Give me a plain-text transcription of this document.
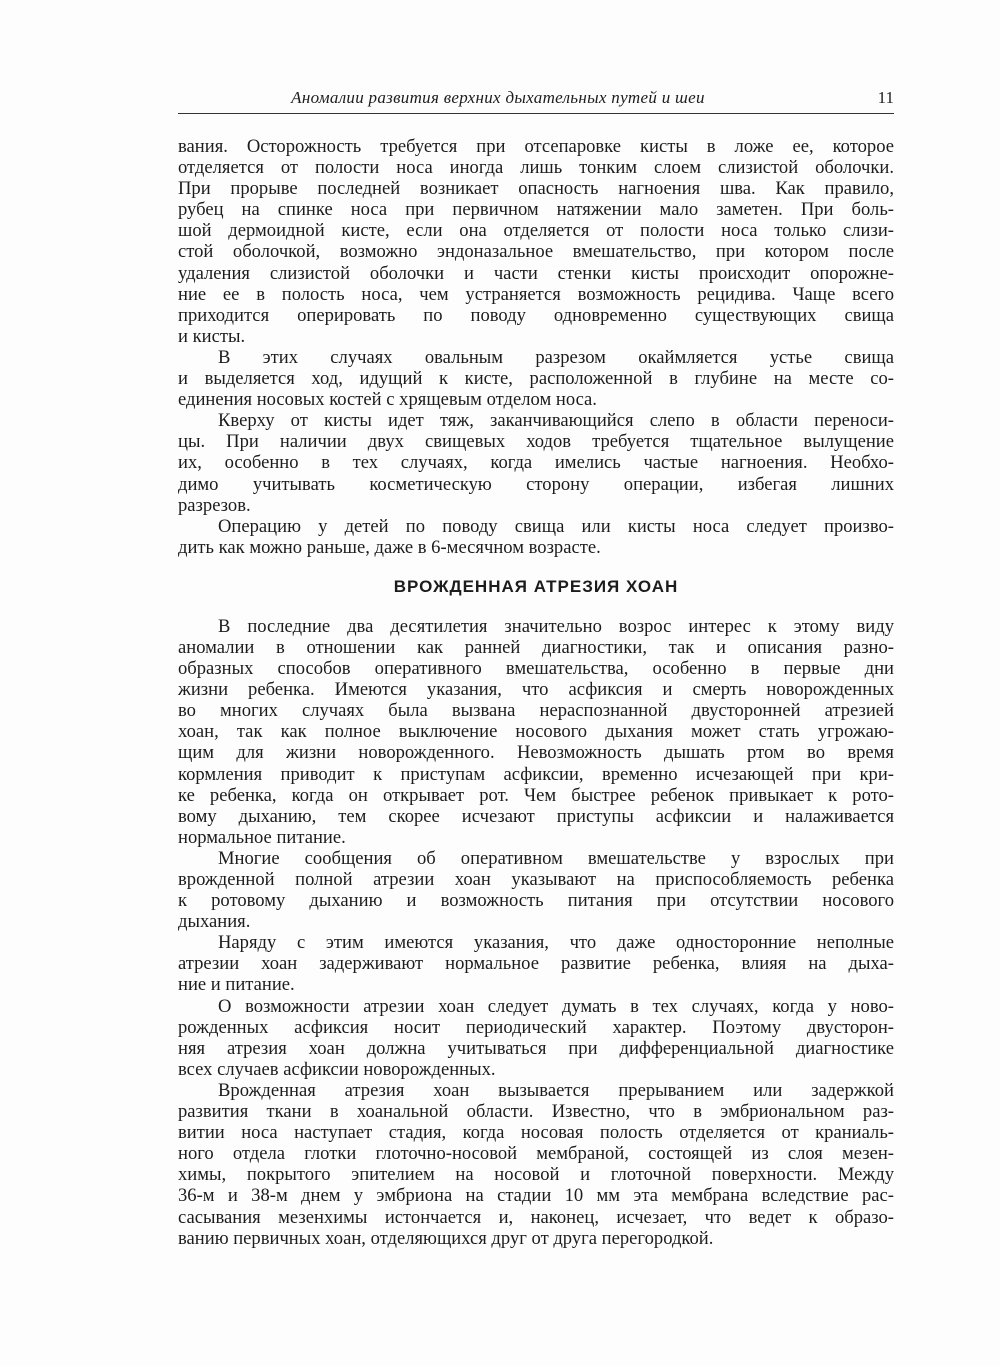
Аномалии развития верхних дыхательных путей и шеи	11
вания. Осторожность требуется при отсепаровке кисты в ложе ее, которое
отделяется от полости носа иногда лишь тонким слоем слизистой оболочки.
При прорыве последней возникает опасность нагноения шва. Как правило,
рубец на спинке носа при первичном натяжении мало заметен. При боль-
шой дермоидной кисте, если она отделяется от полости носа только слизи-
стой оболочкой, возможно эндоназальное вмешательство, при котором после
удаления слизистой оболочки и части стенки кисты происходит опорожне-
ние ее в полость носа, чем устраняется возможность рецидива. Чаще всего
приходится оперировать по поводу одновременно существующих свища
и кисты.
В этих случаях овальным разрезом окаймляется устье свища
и выделяется ход, идущий к кисте, расположенной в глубине на месте со-
единения носовых костей с хрящевым отделом носа.
Кверху от кисты идет тяж, заканчивающийся слепо в области переноси-
цы. При наличии двух свищевых ходов требуется тщательное вылущение
их, особенно в тех случаях, когда имелись частые нагноения. Необхо-
димо учитывать косметическую сторону операции, избегая лишних
разрезов.
Операцию у детей по поводу свища или кисты носа следует произво-
дить как можно раньше, даже в 6-месячном возрасте.
ВРОЖДЕННАЯ АТРЕЗИЯ ХОАН
В последние два десятилетия значительно возрос интерес к этому виду
аномалии в отношении как ранней диагностики, так и описания разно-
образных способов оперативного вмешательства, особенно в первые дни
жизни ребенка. Имеются указания, что асфиксия и смерть новорожденных
во многих случаях была вызвана нераспознанной двусторонней атрезией
хоан, так как полное выключение носового дыхания может стать угрожаю-
щим для жизни новорожденного. Невозможность дышать ртом во время
кормления приводит к приступам асфиксии, временно исчезающей при кри-
ке ребенка, когда он открывает рот. Чем быстрее ребенок привыкает к рото-
вому дыханию, тем скорее исчезают приступы асфиксии и налаживается
нормальное питание.
Многие сообщения об оперативном вмешательстве у взрослых при
врожденной полной атрезии хоан указывают на приспособляемость ребенка
к ротовому дыханию и возможность питания при отсутствии носового
дыхания.
Наряду с этим имеются указания, что даже односторонние неполные
атрезии хоан задерживают нормальное развитие ребенка, влияя на дыха-
ние и питание.
О возможности атрезии хоан следует думать в тех случаях, когда у ново-
рожденных асфиксия носит периодический характер. Поэтому двусторон-
няя атрезия хоан должна учитываться при дифференциальной диагностике
всех случаев асфиксии новорожденных.
Врожденная атрезия хоан вызывается прерыванием или задержкой
развития ткани в хоанальной области. Известно, что в эмбриональном раз-
витии носа наступает стадия, когда носовая полость отделяется от краниаль-
ного отдела глотки глоточно-носовой мембраной, состоящей из слоя мезен-
химы, покрытого эпителием на носовой и глоточной поверхности. Между
36-м и 38-м днем у эмбриона на стадии 10 мм эта мембрана вследствие рас-
сасывания мезенхимы истончается и, наконец, исчезает, что ведет к образо-
ванию первичных хоан, отделяющихся друг от друга перегородкой.
